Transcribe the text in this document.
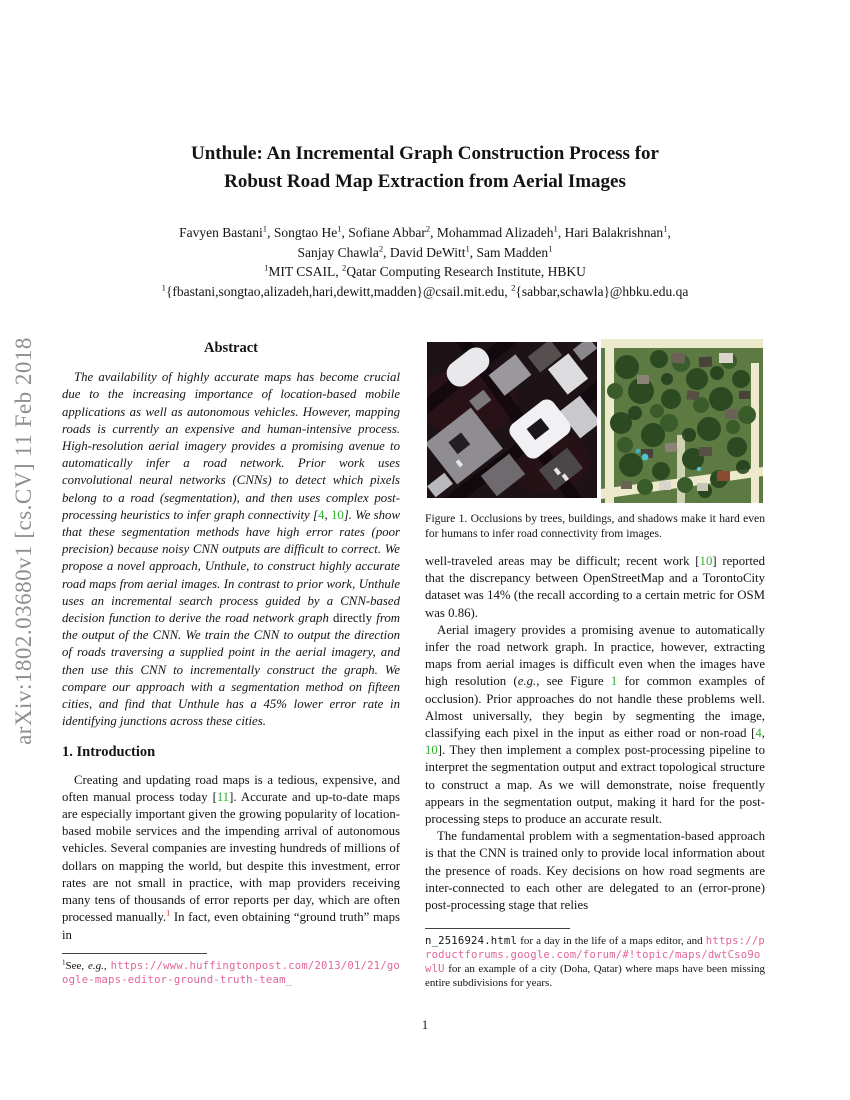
arXiv:1802.03680v1 [cs.CV] 11 Feb 2018
Unthule: An Incremental Graph Construction Process for
Robust Road Map Extraction from Aerial Images
Favyen Bastani$^1$, Songtao He$^1$, Sofiane Abbar$^2$, Mohammad Alizadeh$^1$, Hari Balakrishnan$^1$,
Sanjay Chawla$^2$, David DeWitt$^1$, Sam Madden$^1$
$^1$MIT CSAIL, $^2$Qatar Computing Research Institute, HBKU
$^1${fbastani,songtao,alizadeh,hari,dewitt,madden}@csail.mit.edu, $^2${sabbar,schawla}@hbku.edu.qa
Figure 1. Occlusions by trees, buildings, and shadows make it hard even for humans to infer road connectivity from images.
Abstract

The availability of highly accurate maps has become crucial due to the increasing importance of location-based mobile applications as well as autonomous vehicles. However, mapping roads is currently an expensive and human-intensive process. High-resolution aerial imagery provides a promising avenue to automatically infer a road network. Prior work uses convolutional neural networks (CNNs) to detect which pixels belong to a road (segmentation), and then uses complex post-processing heuristics to infer graph connectivity [4, 10]. We show that these segmentation methods have high error rates (poor precision) because noisy CNN outputs are difficult to correct. We propose a novel approach, Unthule, to construct highly accurate road maps from aerial images. In contrast to prior work, Unthule uses an incremental search process guided by a CNN-based decision function to derive the road network graph directly from the output of the CNN. We train the CNN to output the direction of roads traversing a supplied point in the aerial imagery, and then use this CNN to incrementally construct the graph. We compare our approach with a segmentation method on fifteen cities, and find that Unthule has a 45% lower error rate in identifying junctions across these cities.

1. Introduction

Creating and updating road maps is a tedious, expensive, and often manual process today [11]. Accurate and up-to-date maps are especially important given the growing popularity of location-based mobile services and the impending arrival of autonomous vehicles. Several companies are investing hundreds of millions of dollars on mapping the world, but despite this investment, error rates are not small in practice, with map providers receiving many tens of thousands of error reports per day, which are often processed manually.$^1$ In fact, even obtaining “ground truth” maps in

well-traveled areas may be difficult; recent work [10] reported that the discrepancy between OpenStreetMap and a TorontoCity dataset was 14% (the recall according to a certain metric for OSM was 0.86).

Aerial imagery provides a promising avenue to automatically infer the road network graph. In practice, however, extracting maps from aerial images is difficult even when the images have high resolution (e.g., see Figure 1 for common examples of occlusion). Prior approaches do not handle these problems well. Almost universally, they begin by segmenting the image, classifying each pixel in the input as either road or non-road [4, 10]. They then implement a complex post-processing pipeline to interpret the segmentation output and extract topological structure to construct a map. As we will demonstrate, noise frequently appears in the segmentation output, making it hard for the post-processing steps to produce an accurate result.

The fundamental problem with a segmentation-based approach is that the CNN is trained only to provide local information about the presence of roads. Key decisions on how road segments are inter-connected to each other are delegated to an (error-prone) post-processing stage that relies

$^1$See, e.g., https://www.huffingtonpost.com/2013/01/21/google-maps-editor-ground-truth-team_
n_2516924.html for a day in the life of a maps editor, and https://productforums.google.com/forum/#!topic/maps/dwtCso9owlU for an example of a city (Doha, Qatar) where maps have been missing entire subdivisions for years.
1
